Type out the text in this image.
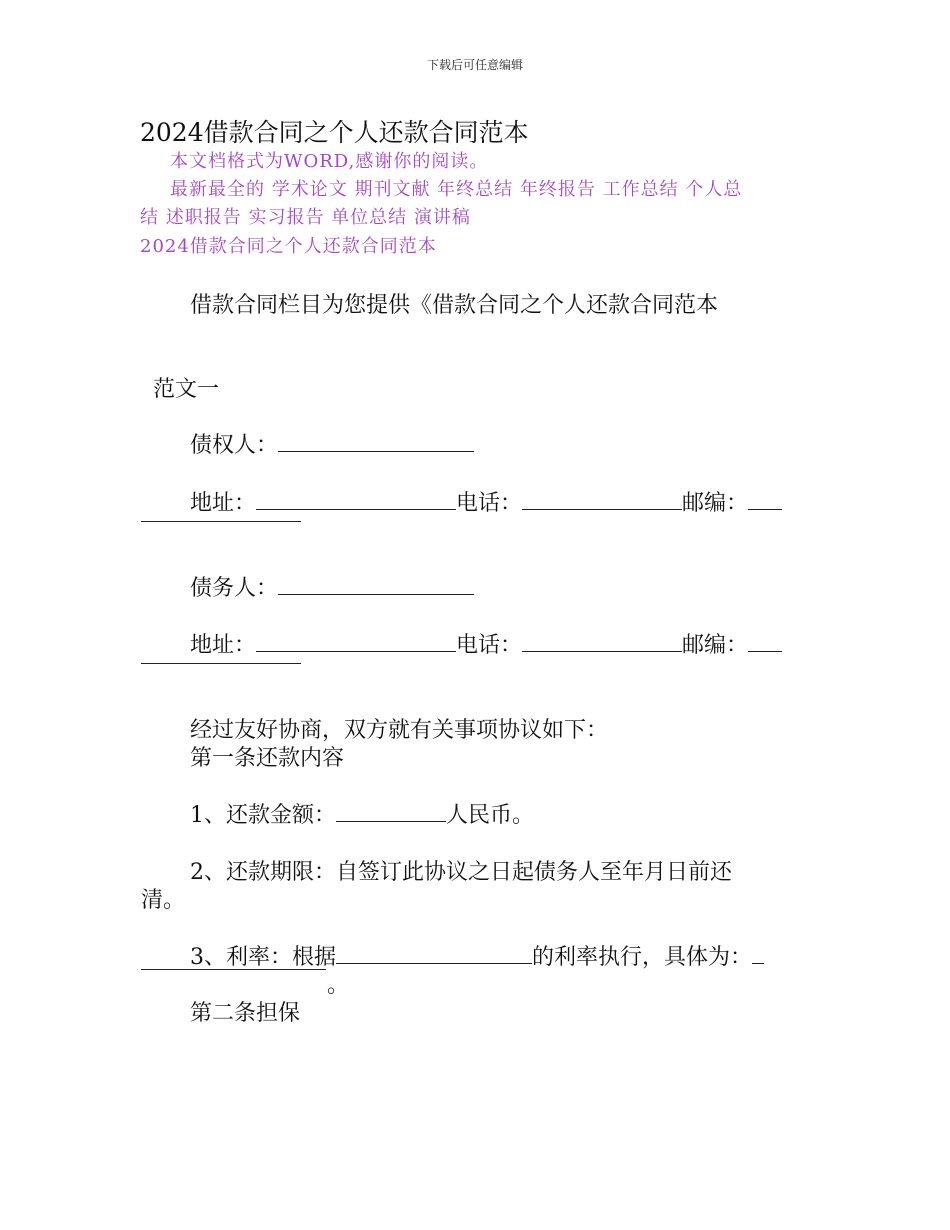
下载后可任意编辑
2024借款合同之个人还款合同范本
本文档格式为WORD,感谢你的阅读。
最新最全的 学术论文 期刊文献 年终总结 年终报告 工作总结 个人总
结 述职报告 实习报告 单位总结 演讲稿
2024借款合同之个人还款合同范本
借款合同栏目为您提供《借款合同之个人还款合同范本
范文一
债权人：
地址：	电话：	邮编：
债务人：
地址：	电话：	邮编：
经过友好协商，双方就有关事项协议如下：
第一条还款内容
1、还款金额：	人民币。
2、还款期限：自签订此协议之日起债务人至年月日前还
清。
3、利率：根据	的利率执行，具体为：
。
第二条担保
